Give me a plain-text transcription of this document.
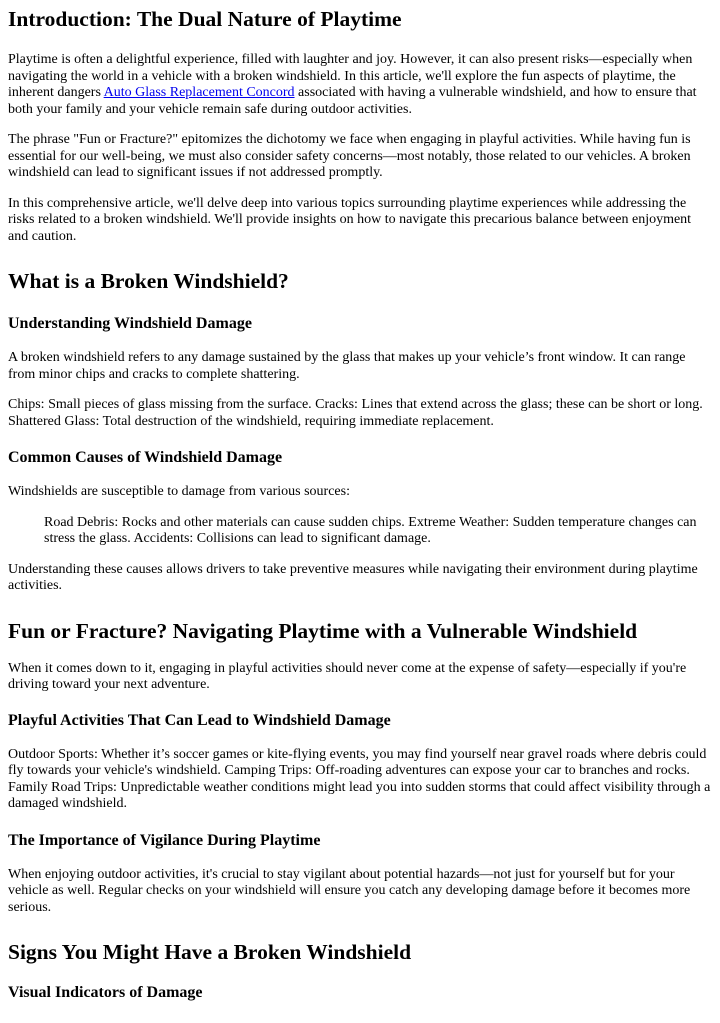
Introduction: The Dual Nature of Playtime

Playtime is often a delightful experience, filled with laughter and joy. However, it can also present risks—especially when navigating the world in a vehicle with a broken windshield. In this article, we'll explore the fun aspects of playtime, the inherent dangers Auto Glass Replacement Concord associated with having a vulnerable windshield, and how to ensure that both your family and your vehicle remain safe during outdoor activities.

The phrase "Fun or Fracture?" epitomizes the dichotomy we face when engaging in playful activities. While having fun is essential for our well-being, we must also consider safety concerns—most notably, those related to our vehicles. A broken windshield can lead to significant issues if not addressed promptly.

In this comprehensive article, we'll delve deep into various topics surrounding playtime experiences while addressing the risks related to a broken windshield. We'll provide insights on how to navigate this precarious balance between enjoyment and caution.

What is a Broken Windshield?
Understanding Windshield Damage

A broken windshield refers to any damage sustained by the glass that makes up your vehicle’s front window. It can range from minor chips and cracks to complete shattering.

Chips: Small pieces of glass missing from the surface. Cracks: Lines that extend across the glass; these can be short or long. Shattered Glass: Total destruction of the windshield, requiring immediate replacement.

Common Causes of Windshield Damage

Windshields are susceptible to damage from various sources:

Road Debris: Rocks and other materials can cause sudden chips. Extreme Weather: Sudden temperature changes can stress the glass. Accidents: Collisions can lead to significant damage.

Understanding these causes allows drivers to take preventive measures while navigating their environment during playtime activities.

Fun or Fracture? Navigating Playtime with a Vulnerable Windshield

When it comes down to it, engaging in playful activities should never come at the expense of safety—especially if you're driving toward your next adventure.

Playful Activities That Can Lead to Windshield Damage

Outdoor Sports: Whether it’s soccer games or kite-flying events, you may find yourself near gravel roads where debris could fly towards your vehicle's windshield. Camping Trips: Off-roading adventures can expose your car to branches and rocks. Family Road Trips: Unpredictable weather conditions might lead you into sudden storms that could affect visibility through a damaged windshield.

The Importance of Vigilance During Playtime

When enjoying outdoor activities, it's crucial to stay vigilant about potential hazards—not just for yourself but for your vehicle as well. Regular checks on your windshield will ensure you catch any developing damage before it becomes more serious.

Signs You Might Have a Broken Windshield
Visual Indicators of Damage
